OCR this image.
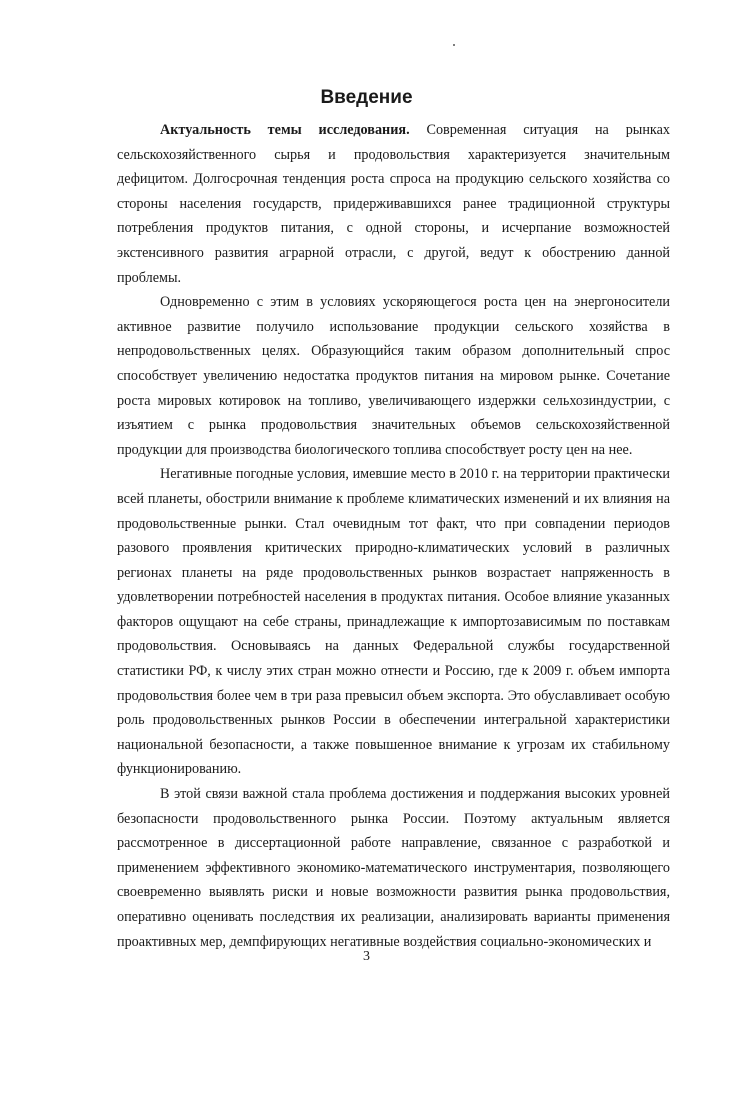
Введение

Актуальность темы исследования. Современная ситуация на рынках сельскохозяйственного сырья и продовольствия характеризуется значительным дефицитом. Долгосрочная тенденция роста спроса на продукцию сельского хозяйства со стороны населения государств, придерживавшихся ранее традиционной структуры потребления продуктов питания, с одной стороны, и исчерпание возможностей экстенсивного развития аграрной отрасли, с другой, ведут к обострению данной проблемы.

Одновременно с этим в условиях ускоряющегося роста цен на энергоносители активное развитие получило использование продукции сельского хозяйства в непродовольственных целях. Образующийся таким образом дополнительный спрос способствует увеличению недостатка продуктов питания на мировом рынке. Сочетание роста мировых котировок на топливо, увеличивающего издержки сельхозиндустрии, с изъятием с рынка продовольствия значительных объемов сельскохозяйственной продукции для производства биологического топлива способствует росту цен на нее.

Негативные погодные условия, имевшие место в 2010 г. на территории практически всей планеты, обострили внимание к проблеме климатических изменений и их влияния на продовольственные рынки. Стал очевидным тот факт, что при совпадении периодов разового проявления критических природно-климатических условий в различных регионах планеты на ряде продовольственных рынков возрастает напряженность в удовлетворении потребностей населения в продуктах питания. Особое влияние указанных факторов ощущают на себе страны, принадлежащие к импортозависимым по поставкам продовольствия. Основываясь на данных Федеральной службы государственной статистики РФ, к числу этих стран можно отнести и Россию, где к 2009 г. объем импорта продовольствия более чем в три раза превысил объем экспорта. Это обуславливает особую роль продовольственных рынков России в обеспечении интегральной характеристики национальной безопасности, а также повышенное внимание к угрозам их стабильному функционированию.

В этой связи важной стала проблема достижения и поддержания высоких уровней безопасности продовольственного рынка России. Поэтому актуальным является рассмотренное в диссертационной работе направление, связанное с разработкой и применением эффективного экономико-математического инструментария, позволяющего своевременно выявлять риски и новые возможности развития рынка продовольствия, оперативно оценивать последствия их реализации, анализировать варианты применения проактивных мер, демпфирующих негативные воздействия социально-экономических и

3
